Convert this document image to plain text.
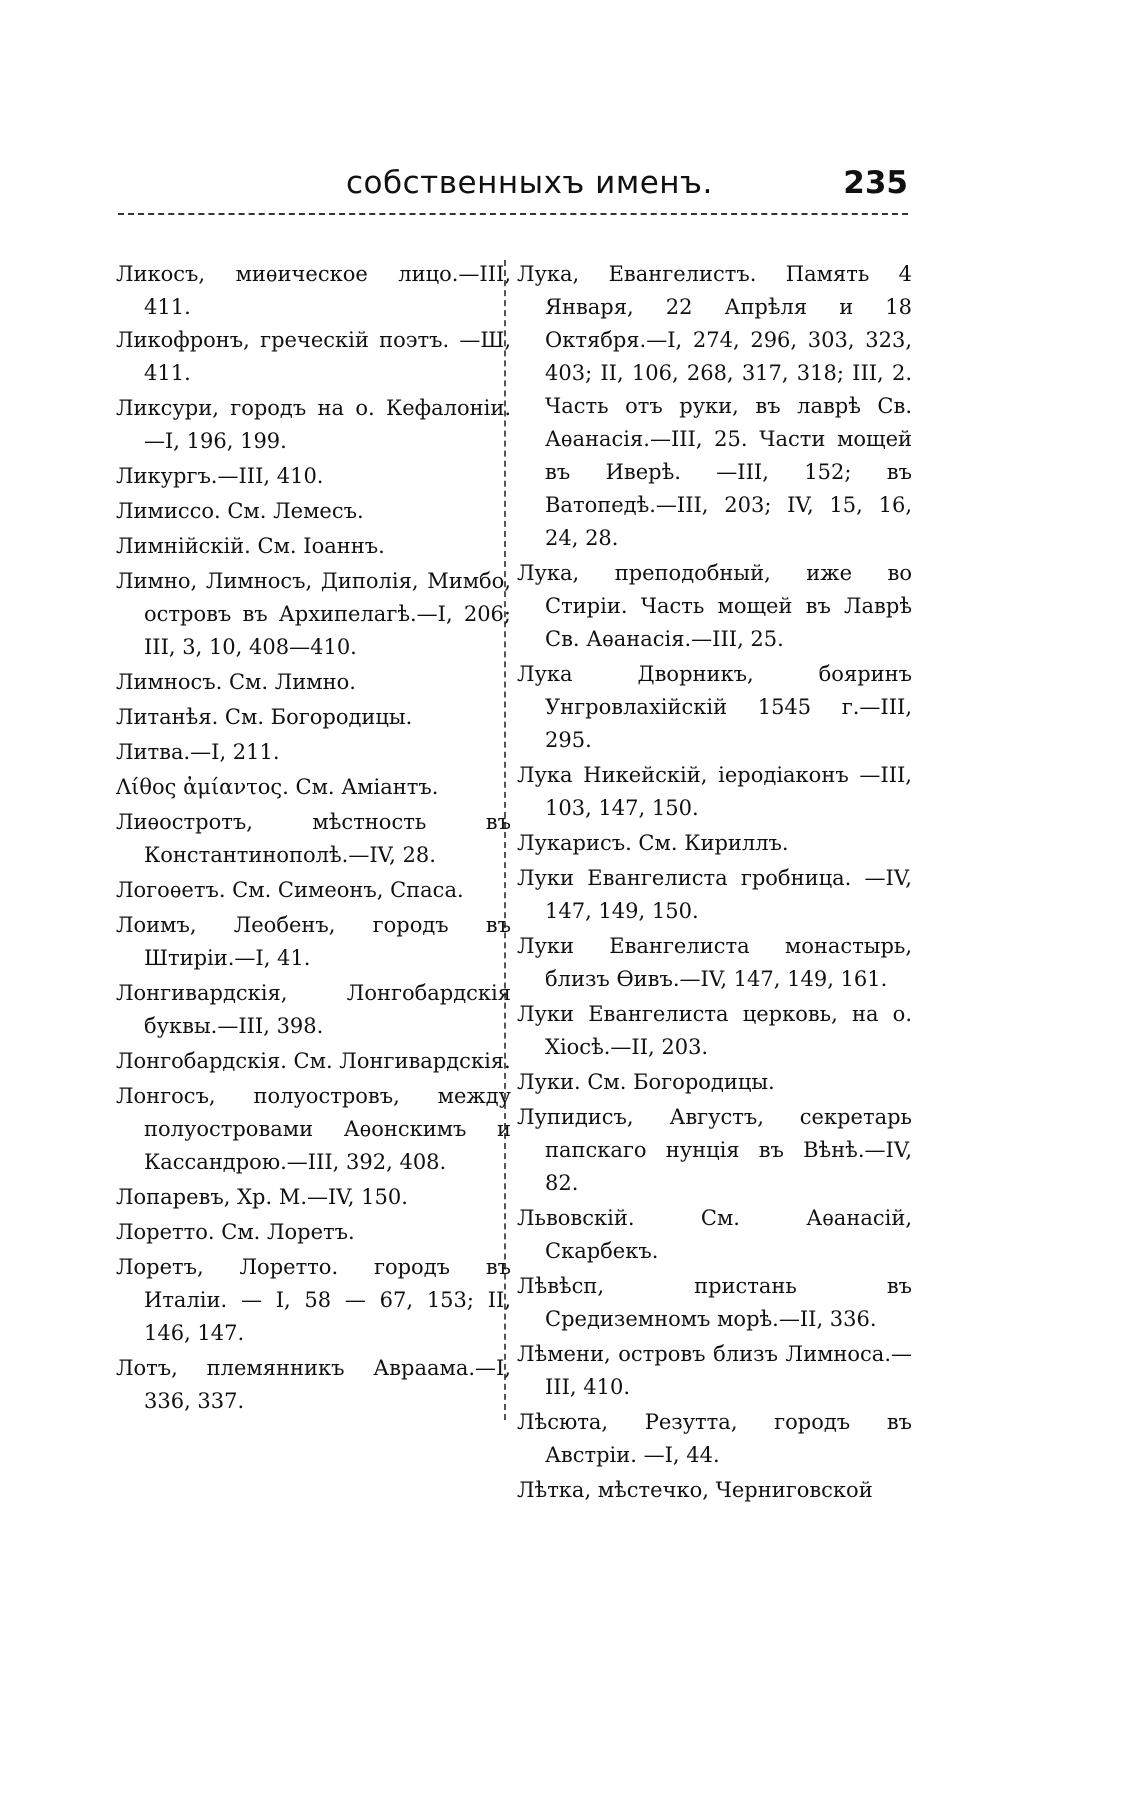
собственныхъ именъ.	235
Ликосъ, миѳическое лицо.—III, 411.
Ликофронъ, греческій поэтъ. —Ш, 411.
Ликсури, городъ на о. Кефалоніи.—I, 196, 199.
Ликургъ.—III, 410.
Лимиссо. См. Лемесъ.
Лимнійскій. См. Іоаннъ.
Лимно, Лимносъ, Диполія, Мимбо, островъ въ Архипелагѣ.—I, 206; III, 3, 10, 408—410.
Лимносъ. См. Лимно.
Литанѣя. См. Богородицы.
Литва.—I, 211.
Λίθος ἀμίαντος. См. Аміантъ.
Лиѳостротъ, мѣстность въ Константинополѣ.—IV, 28.
Логоѳетъ. См. Симеонъ, Спаса.
Лоимъ, Леобенъ, городъ въ Штиріи.—I, 41.
Лонгивардскія, Лонгобардскія буквы.—III, 398.
Лонгобардскія. См. Лонгивардскія.
Лонгосъ, полуостровъ, между полуостровами Аѳонскимъ и Кассандрою.—III, 392, 408.
Лопаревъ, Хр. М.—IV, 150.
Лоретто. См. Лоретъ.
Лоретъ, Лоретто. городъ въ Италіи. — I, 58 — 67, 153; II, 146, 147.
Лотъ, племянникъ Авраама.—I, 336, 337.
Лука, Евангелистъ. Память 4 Января, 22 Апрѣля и 18 Октября.—I, 274, 296, 303, 323, 403; II, 106, 268, 317, 318; III, 2. Часть отъ руки, въ лаврѣ Св. Аѳанасія.—III, 25. Части мощей въ Иверѣ. —III, 152; въ Ватопедѣ.—III, 203; IV, 15, 16, 24, 28.
Лука, преподобный, иже во Стиріи. Часть мощей въ Лаврѣ Св. Аѳанасія.—III, 25.
Лука Дворникъ, бояринъ Унгровлахійскій 1545 г.—III, 295.
Лука Никейскій, іеродіаконъ —III, 103, 147, 150.
Лукарисъ. См. Кириллъ.
Луки Евангелиста гробница. —IV, 147, 149, 150.
Луки Евангелиста монастырь, близъ Ѳивъ.—IV, 147, 149, 161.
Луки Евангелиста церковь, на о. Хіосѣ.—II, 203.
Луки. См. Богородицы.
Лупидисъ, Августъ, секретарь папскаго нунція въ Вѣнѣ.—IV, 82.
Львовскій. См. Аѳанасій, Скарбекъ.
Лѣвѣсп, пристань въ Средиземномъ морѣ.—II, 336.
Лѣмени, островъ близъ Лимноса.—III, 410.
Лѣсюта, Резутта, городъ въ Австріи. —I, 44.
Лѣтка, мѣстечко, Черниговской
